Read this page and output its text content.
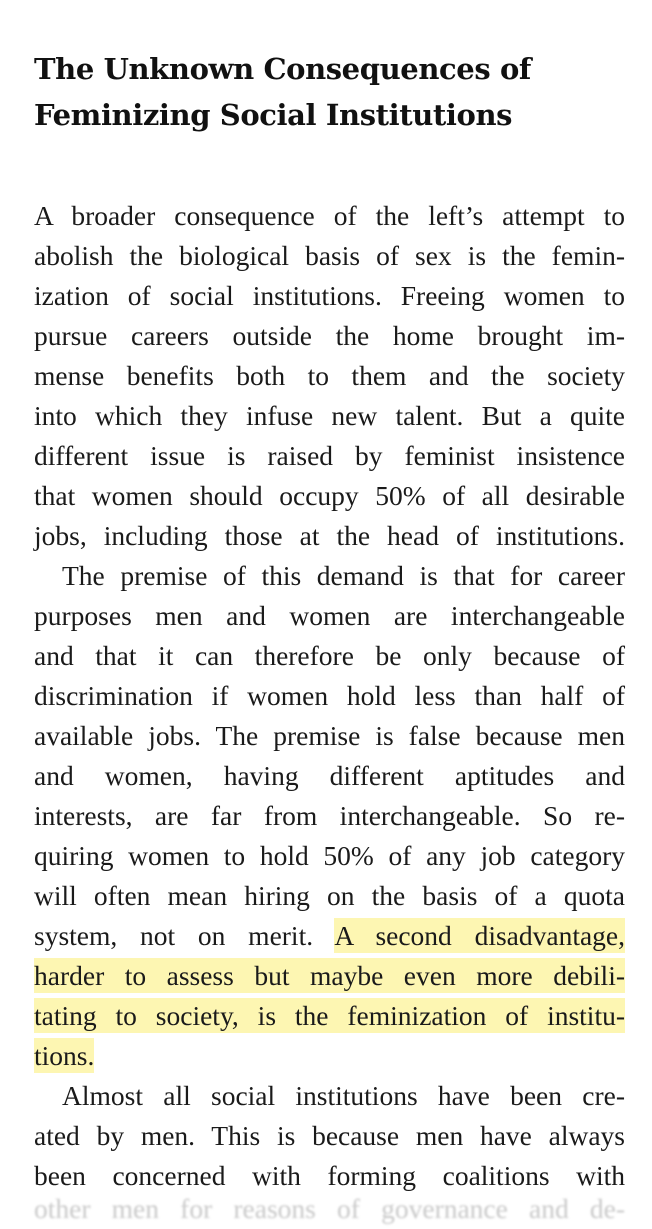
The Unknown Consequences of
Feminizing Social Institutions
A broader consequence of the left’s attempt to
abolish the biological basis of sex is the femin-
ization of social institutions. Freeing women to
pursue careers outside the home brought im-
mense benefits both to them and the society
into which they infuse new talent. But a quite
different issue is raised by feminist insistence
that women should occupy 50% of all desirable
jobs, including those at the head of institutions.
The premise of this demand is that for career
purposes men and women are interchangeable
and that it can therefore be only because of
discrimination if women hold less than half of
available jobs. The premise is false because men
and women, having different aptitudes and
interests, are far from interchangeable. So re-
quiring women to hold 50% of any job category
will often mean hiring on the basis of a quota
system, not on merit. A second disadvantage,
harder to assess but maybe even more debili-
tating to society, is the feminization of institu-
tions.
Almost all social institutions have been cre-
ated by men. This is because men have always
been concerned with forming coalitions with
other men for reasons of governance and de-
